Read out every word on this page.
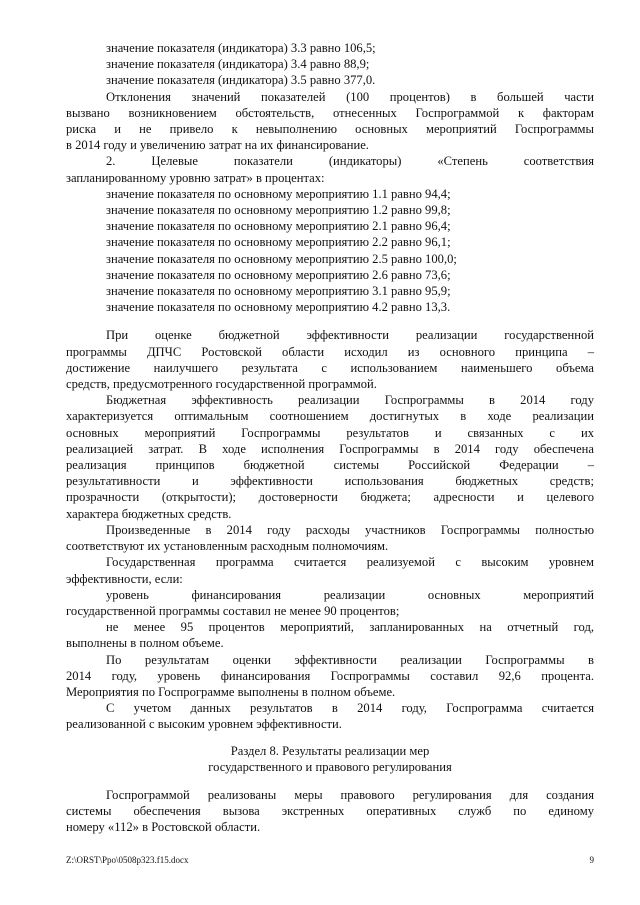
значение показателя (индикатора) 3.3 равно 106,5;
значение показателя (индикатора) 3.4 равно 88,9;
значение показателя (индикатора) 3.5 равно 377,0.
Отклонения значений показателей (100 процентов) в большей части
вызвано возникновением обстоятельств, отнесенных Госпрограммой к факторам
риска и не привело к невыполнению основных мероприятий Госпрограммы
в 2014 году и увеличению затрат на их финансирование.
2. Целевые показатели (индикаторы) «Степень соответствия
запланированному уровню затрат» в процентах:
значение показателя по основному мероприятию 1.1 равно 94,4;
значение показателя по основному мероприятию 1.2 равно 99,8;
значение показателя по основному мероприятию 2.1 равно 96,4;
значение показателя по основному мероприятию 2.2 равно 96,1;
значение показателя по основному мероприятию 2.5 равно 100,0;
значение показателя по основному мероприятию 2.6 равно 73,6;
значение показателя по основному мероприятию 3.1 равно 95,9;
значение показателя по основному мероприятию 4.2 равно 13,3.
При оценке бюджетной эффективности реализации государственной
программы ДПЧС Ростовской области исходил из основного принципа –
достижение наилучшего результата с использованием наименьшего объема
средств, предусмотренного государственной программой.
Бюджетная эффективность реализации Госпрограммы в 2014 году
характеризуется оптимальным соотношением достигнутых в ходе реализации
основных мероприятий Госпрограммы результатов и связанных с их
реализацией затрат. В ходе исполнения Госпрограммы в 2014 году обеспечена
реализация принципов бюджетной системы Российской Федерации –
результативности и эффективности использования бюджетных средств;
прозрачности (открытости); достоверности бюджета; адресности и целевого
характера бюджетных средств.
Произведенные в 2014 году расходы участников Госпрограммы полностью
соответствуют их установленным расходным полномочиям.
Государственная программа считается реализуемой с высоким уровнем
эффективности, если:
уровень финансирования реализации основных мероприятий
государственной программы составил не менее 90 процентов;
не менее 95 процентов мероприятий, запланированных на отчетный год,
выполнены в полном объеме.
По результатам оценки эффективности реализации Госпрограммы в
2014 году, уровень финансирования Госпрограммы составил 92,6 процента.
Мероприятия по Госпрограмме выполнены в полном объеме.
С учетом данных результатов в 2014 году, Госпрограмма считается
реализованной с высоким уровнем эффективности.
Раздел 8. Результаты реализации мер
государственного и правового регулирования
Госпрограммой реализованы меры правового регулирования для создания
системы обеспечения вызова экстренных оперативных служб по единому
номеру «112» в Ростовской области.
Z:\ORST\Ppo\0508p323.f15.docx	9
